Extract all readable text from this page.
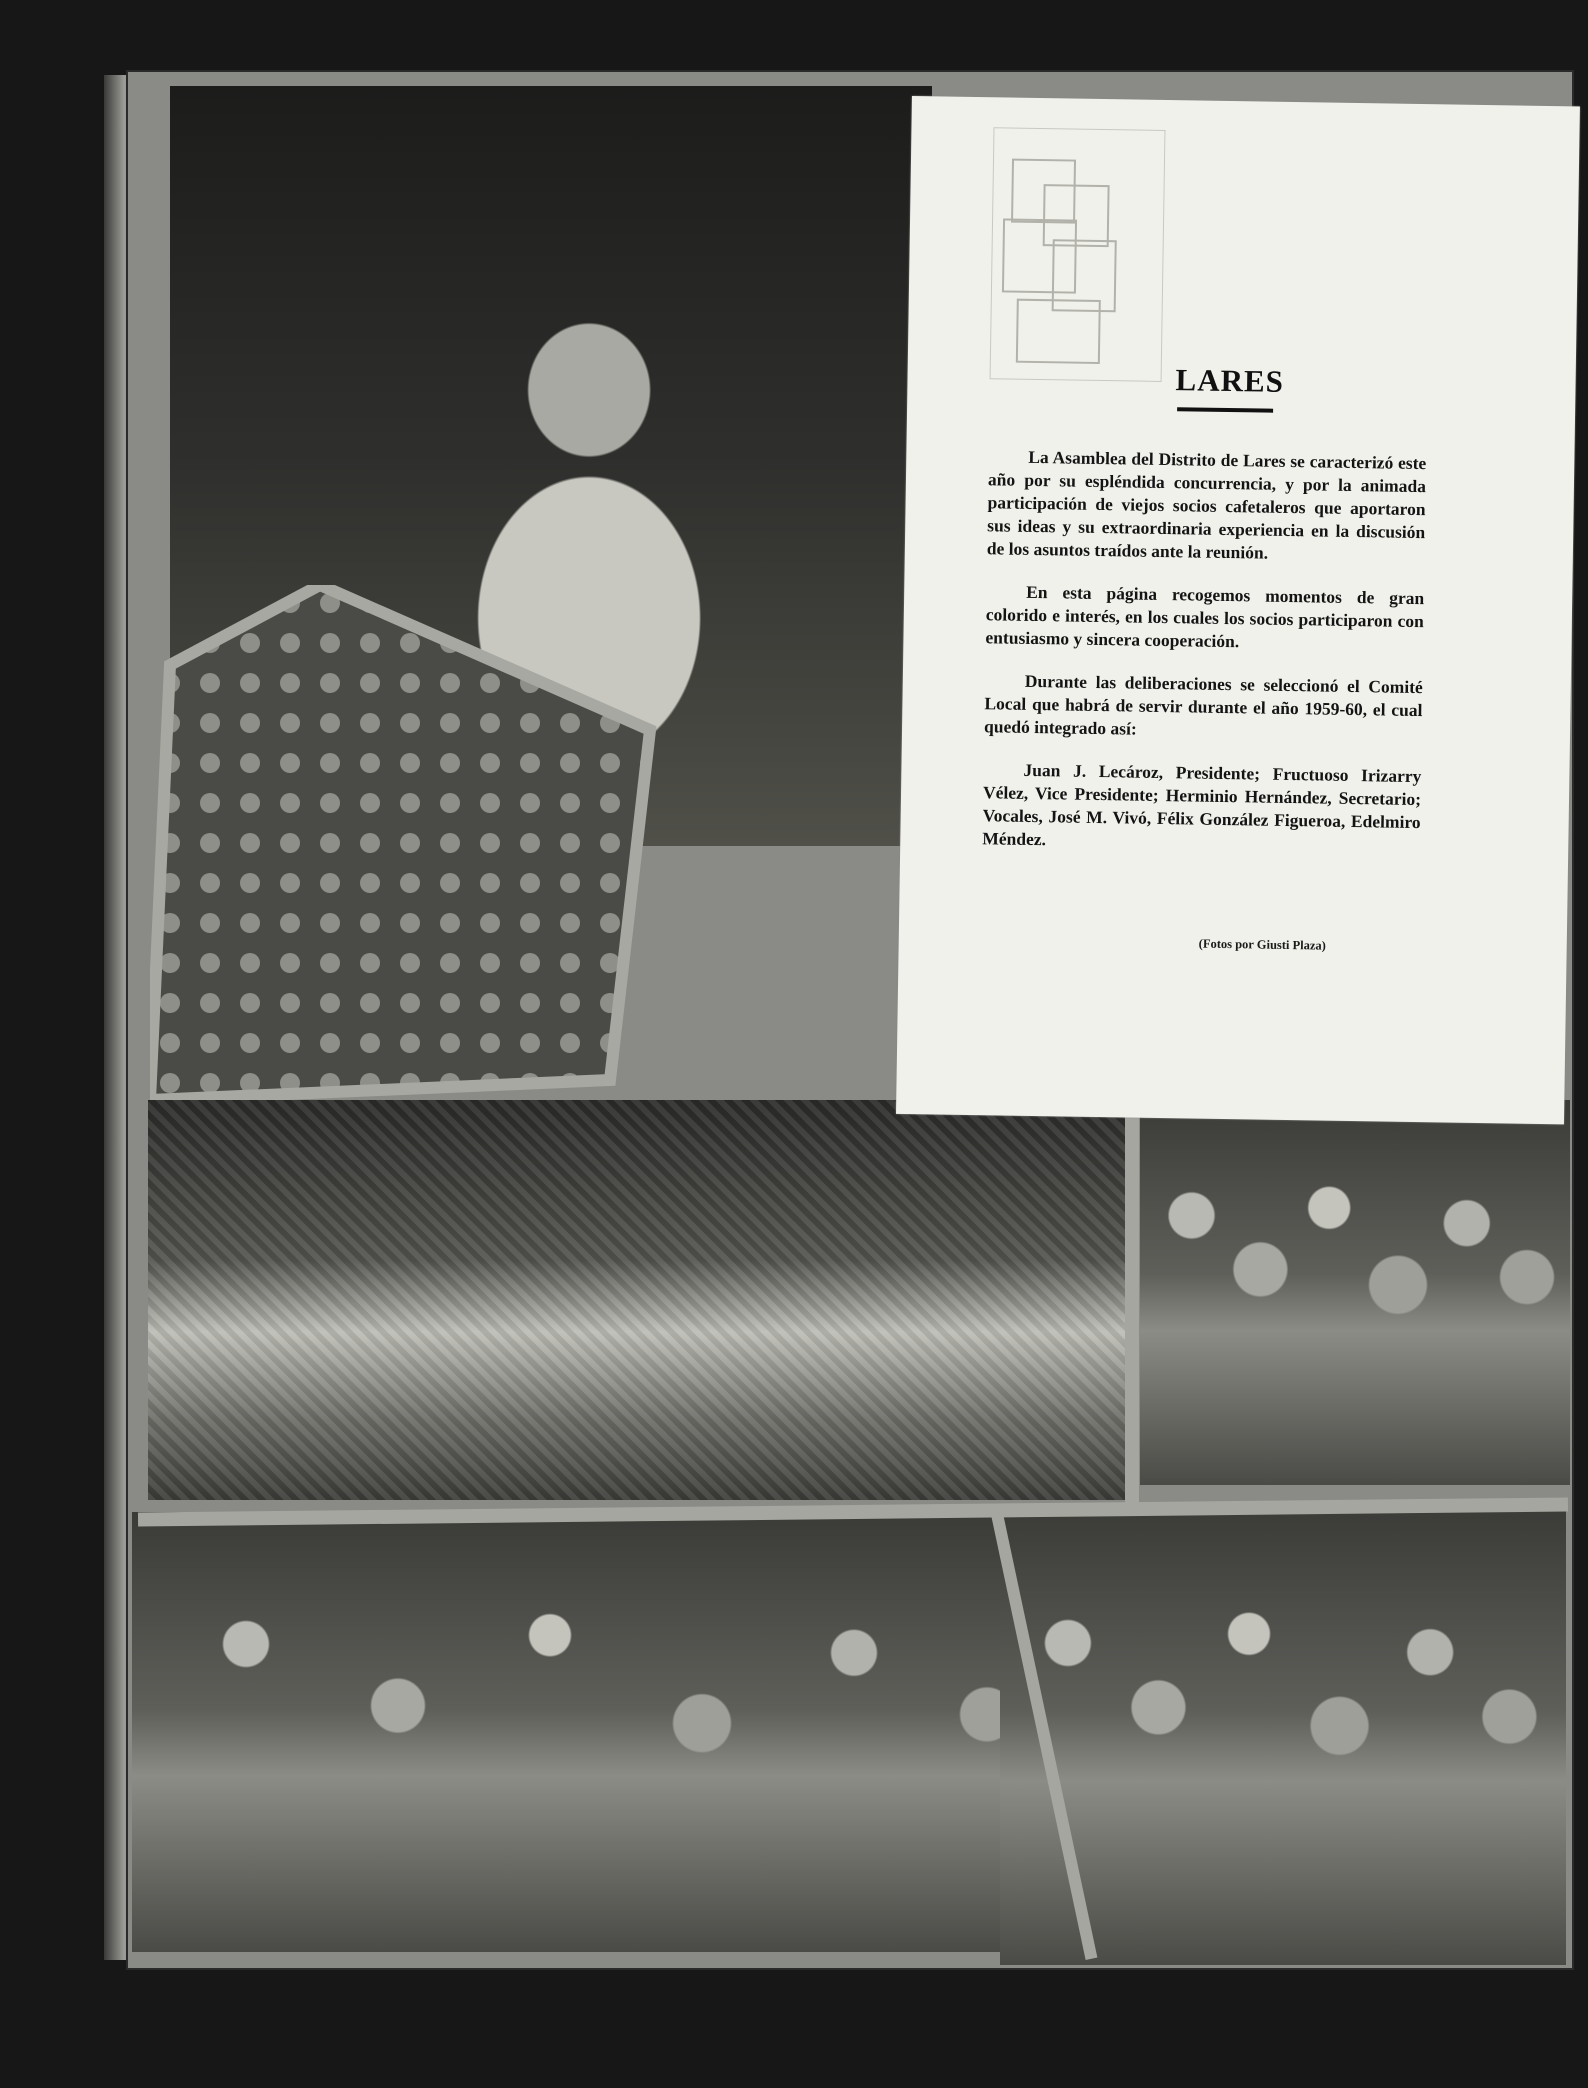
LARES

La Asamblea del Distrito de Lares se caracterizó este año por su espléndida concurrencia, y por la animada participación de viejos socios cafetaleros que aportaron sus ideas y su extraordinaria experiencia en la discusión de los asuntos traídos ante la reunión.

En esta página recogemos momentos de gran colorido e interés, en los cuales los socios participaron con entusiasmo y sincera cooperación.

Durante las deliberaciones se seleccionó el Comité Local que habrá de servir durante el año 1959-60, el cual quedó integrado así:

Juan J. Lecároz, Presidente; Fructuoso Irizarry Vélez, Vice Presidente; Herminio Hernández, Secretario; Vocales, José M. Vivó, Félix González Figueroa, Edelmiro Méndez.

(Fotos por Giusti Plaza)
